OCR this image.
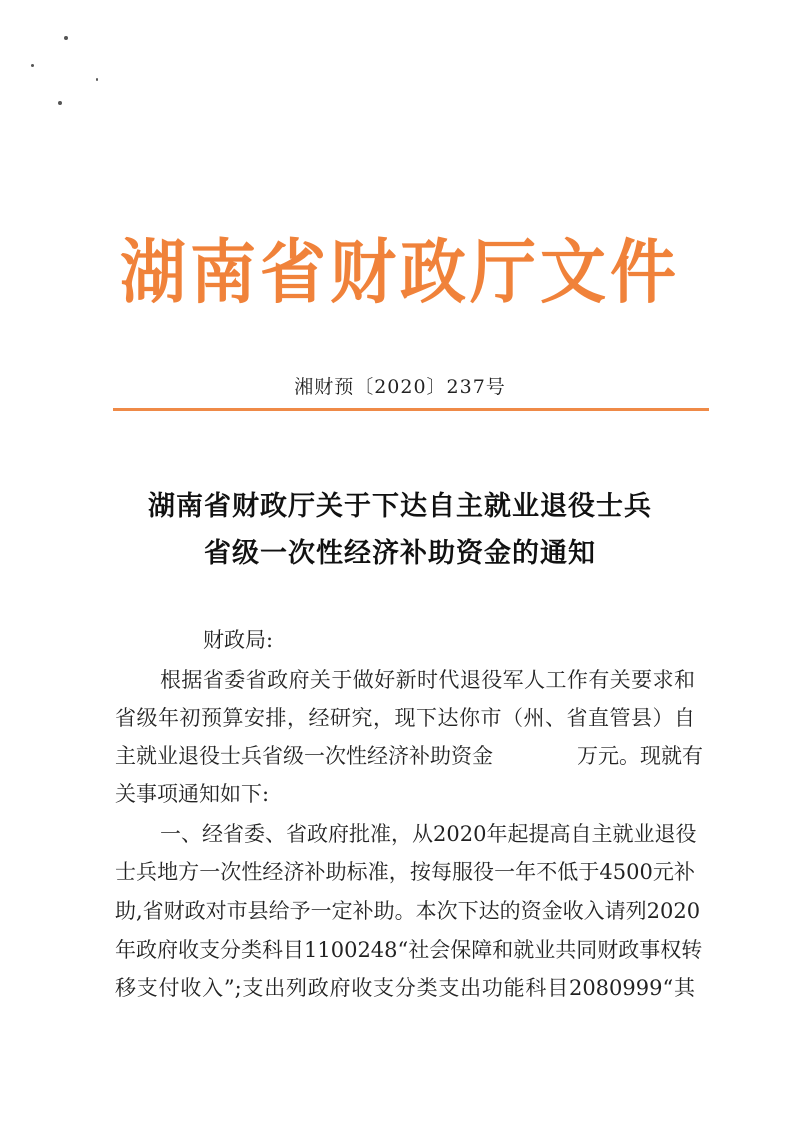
湖南省财政厅文件
湘财预〔2020〕237号
湖南省财政厅关于下达自主就业退役士兵
省级一次性经济补助资金的通知
财政局:
根据省委省政府关于做好新时代退役军人工作有关要求和
省级年初预算安排，经研究，现下达你市（州、省直管县）自
主就业退役士兵省级一次性经济补助资金　　　　万元。现就有
关事项通知如下:
一、经省委、省政府批准，从2020年起提高自主就业退役
士兵地方一次性经济补助标准，按每服役一年不低于4500元补
助,省财政对市县给予一定补助。本次下达的资金收入请列2020
年政府收支分类科目1100248“社会保障和就业共同财政事权转
移支付收入”;支出列政府收支分类支出功能科目2080999“其
